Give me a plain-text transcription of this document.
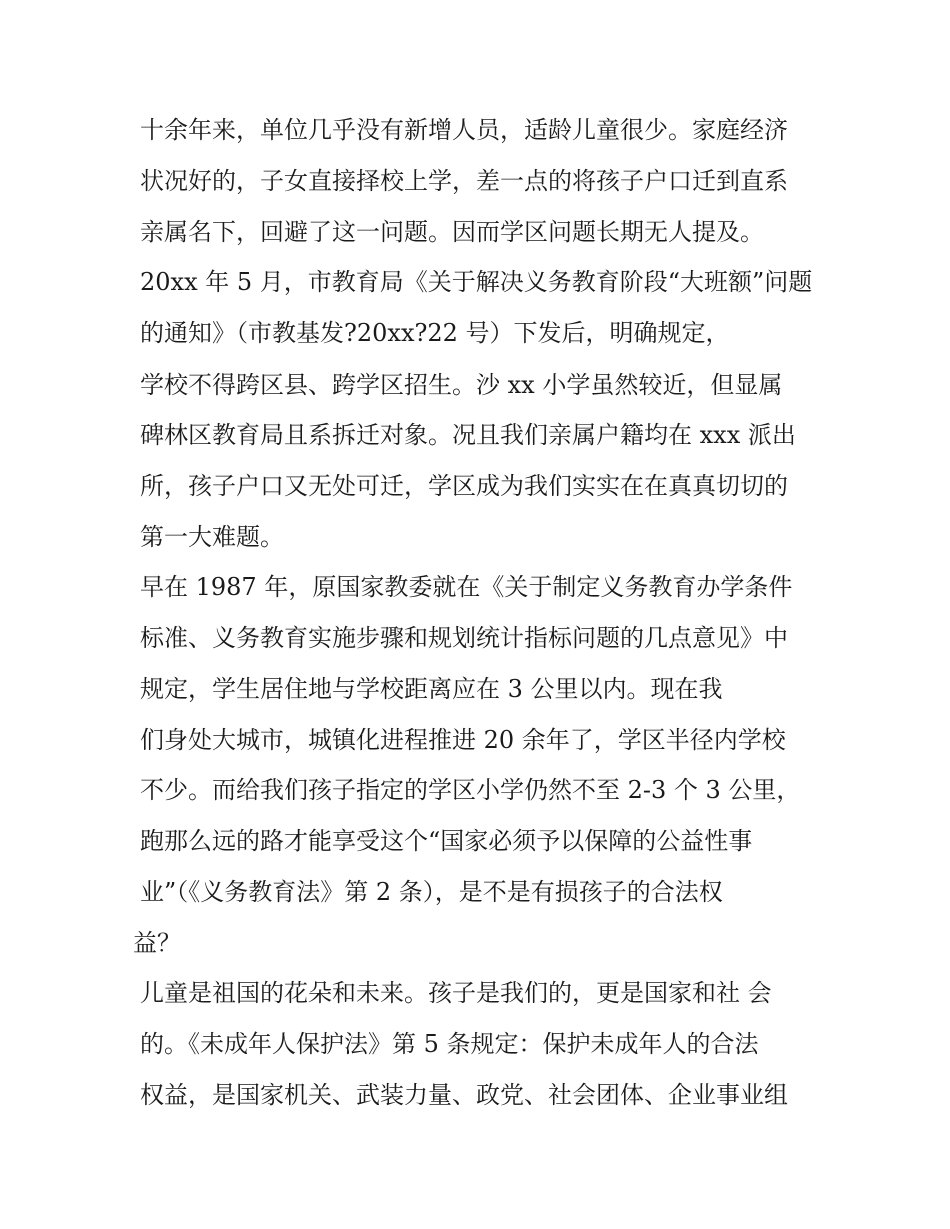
十余年来，单位几乎没有新增人员，适龄儿童很少。家庭经济
状况好的，子女直接择校上学，差一点的将孩子户口迁到直系
亲属名下，回避了这一问题。因而学区问题长期无人提及。
20xx 年 5 月，市教育局《关于解决义务教育阶段“大班额”问题
的通知》（市教基发?20xx?22 号）下发后，明确规定，
学校不得跨区县、跨学区招生。沙 xx 小学虽然较近，但显属
碑林区教育局且系拆迁对象。况且我们亲属户籍均在 xxx 派出
所，孩子户口又无处可迁，学区成为我们实实在在真真切切的
第一大难题。
早在 1987 年，原国家教委就在《关于制定义务教育办学条件
标准、义务教育实施步骤和规划统计指标问题的几点意见》中
规定，学生居住地与学校距离应在 3 公里以内。现在我
们身处大城市，城镇化进程推进 20 余年了，学区半径内学校
不少。而给我们孩子指定的学区小学仍然不至 2-3 个 3 公里，
跑那么远的路才能享受这个“国家必须予以保障的公益性事
业”（《义务教育法》第 2 条），是不是有损孩子的合法权
益？
儿童是祖国的花朵和未来。孩子是我们的，更是国家和社 会
的。《未成年人保护法》第 5 条规定：保护未成年人的合法
权益，是国家机关、武装力量、政党、社会团体、企业事业组
